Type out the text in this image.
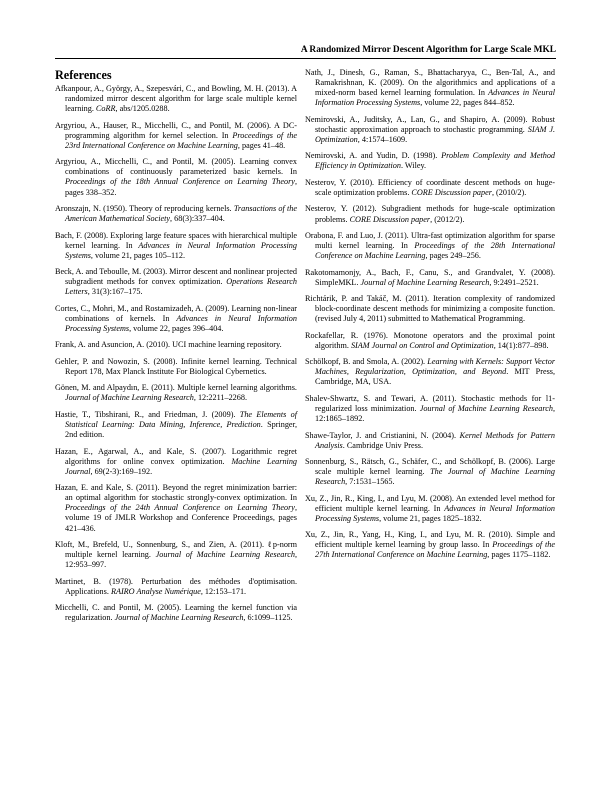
A Randomized Mirror Descent Algorithm for Large Scale MKL
References

Afkanpour, A., György, A., Szepesvári, C., and Bowling, M. H. (2013). A randomized mirror descent algorithm for large scale multiple kernel learning. CoRR, abs/1205.0288.

Argyriou, A., Hauser, R., Micchelli, C., and Pontil, M. (2006). A DC-programming algorithm for kernel selection. In Proceedings of the 23rd International Conference on Machine Learning, pages 41–48.

Argyriou, A., Micchelli, C., and Pontil, M. (2005). Learning convex combinations of continuously parameterized basic kernels. In Proceedings of the 18th Annual Conference on Learning Theory, pages 338–352.

Aronszajn, N. (1950). Theory of reproducing kernels. Transactions of the American Mathematical Society, 68(3):337–404.

Bach, F. (2008). Exploring large feature spaces with hierarchical multiple kernel learning. In Advances in Neural Information Processing Systems, volume 21, pages 105–112.

Beck, A. and Teboulle, M. (2003). Mirror descent and nonlinear projected subgradient methods for convex optimization. Operations Research Letters, 31(3):167–175.

Cortes, C., Mohri, M., and Rostamizadeh, A. (2009). Learning non-linear combinations of kernels. In Advances in Neural Information Processing Systems, volume 22, pages 396–404.

Frank, A. and Asuncion, A. (2010). UCI machine learning repository.

Gehler, P. and Nowozin, S. (2008). Infinite kernel learning. Technical Report 178, Max Planck Institute For Biological Cybernetics.

Gönen, M. and Alpaydın, E. (2011). Multiple kernel learning algorithms. Journal of Machine Learning Research, 12:2211–2268.

Hastie, T., Tibshirani, R., and Friedman, J. (2009). The Elements of Statistical Learning: Data Mining, Inference, Prediction. Springer, 2nd edition.

Hazan, E., Agarwal, A., and Kale, S. (2007). Logarithmic regret algorithms for online convex optimization. Machine Learning Journal, 69(2-3):169–192.

Hazan, E. and Kale, S. (2011). Beyond the regret minimization barrier: an optimal algorithm for stochastic strongly-convex optimization. In Proceedings of the 24th Annual Conference on Learning Theory, volume 19 of JMLR Workshop and Conference Proceedings, pages 421–436.

Kloft, M., Brefeld, U., Sonnenburg, S., and Zien, A. (2011). ℓp-norm multiple kernel learning. Journal of Machine Learning Research, 12:953–997.

Martinet, B. (1978). Perturbation des méthodes d'optimisation. Applications. RAIRO Analyse Numérique, 12:153–171.

Micchelli, C. and Pontil, M. (2005). Learning the kernel function via regularization. Journal of Machine Learning Research, 6:1099–1125.

Nath, J., Dinesh, G., Raman, S., Bhattacharyya, C., Ben-Tal, A., and Ramakrishnan, K. (2009). On the algorithmics and applications of a mixed-norm based kernel learning formulation. In Advances in Neural Information Processing Systems, volume 22, pages 844–852.

Nemirovski, A., Juditsky, A., Lan, G., and Shapiro, A. (2009). Robust stochastic approximation approach to stochastic programming. SIAM J. Optimization, 4:1574–1609.

Nemirovski, A. and Yudin, D. (1998). Problem Complexity and Method Efficiency in Optimization. Wiley.

Nesterov, Y. (2010). Efficiency of coordinate descent methods on huge-scale optimization problems. CORE Discussion paper, (2010/2).

Nesterov, Y. (2012). Subgradient methods for huge-scale optimization problems. CORE Discussion paper, (2012/2).

Orabona, F. and Luo, J. (2011). Ultra-fast optimization algorithm for sparse multi kernel learning. In Proceedings of the 28th International Conference on Machine Learning, pages 249–256.

Rakotomamonjy, A., Bach, F., Canu, S., and Grandvalet, Y. (2008). SimpleMKL. Journal of Machine Learning Research, 9:2491–2521.

Richtárik, P. and Takáč, M. (2011). Iteration complexity of randomized block-coordinate descent methods for minimizing a composite function. (revised July 4, 2011) submitted to Mathematical Programming.

Rockafellar, R. (1976). Monotone operators and the proximal point algorithm. SIAM Journal on Control and Optimization, 14(1):877–898.

Schölkopf, B. and Smola, A. (2002). Learning with Kernels: Support Vector Machines, Regularization, Optimization, and Beyond. MIT Press, Cambridge, MA, USA.

Shalev-Shwartz, S. and Tewari, A. (2011). Stochastic methods for l1-regularized loss minimization. Journal of Machine Learning Research, 12:1865–1892.

Shawe-Taylor, J. and Cristianini, N. (2004). Kernel Methods for Pattern Analysis. Cambridge Univ Press.

Sonnenburg, S., Rätsch, G., Schäfer, C., and Schölkopf, B. (2006). Large scale multiple kernel learning. The Journal of Machine Learning Research, 7:1531–1565.

Xu, Z., Jin, R., King, I., and Lyu, M. (2008). An extended level method for efficient multiple kernel learning. In Advances in Neural Information Processing Systems, volume 21, pages 1825–1832.

Xu, Z., Jin, R., Yang, H., King, I., and Lyu, M. R. (2010). Simple and efficient multiple kernel learning by group lasso. In Proceedings of the 27th International Conference on Machine Learning, pages 1175–1182.
